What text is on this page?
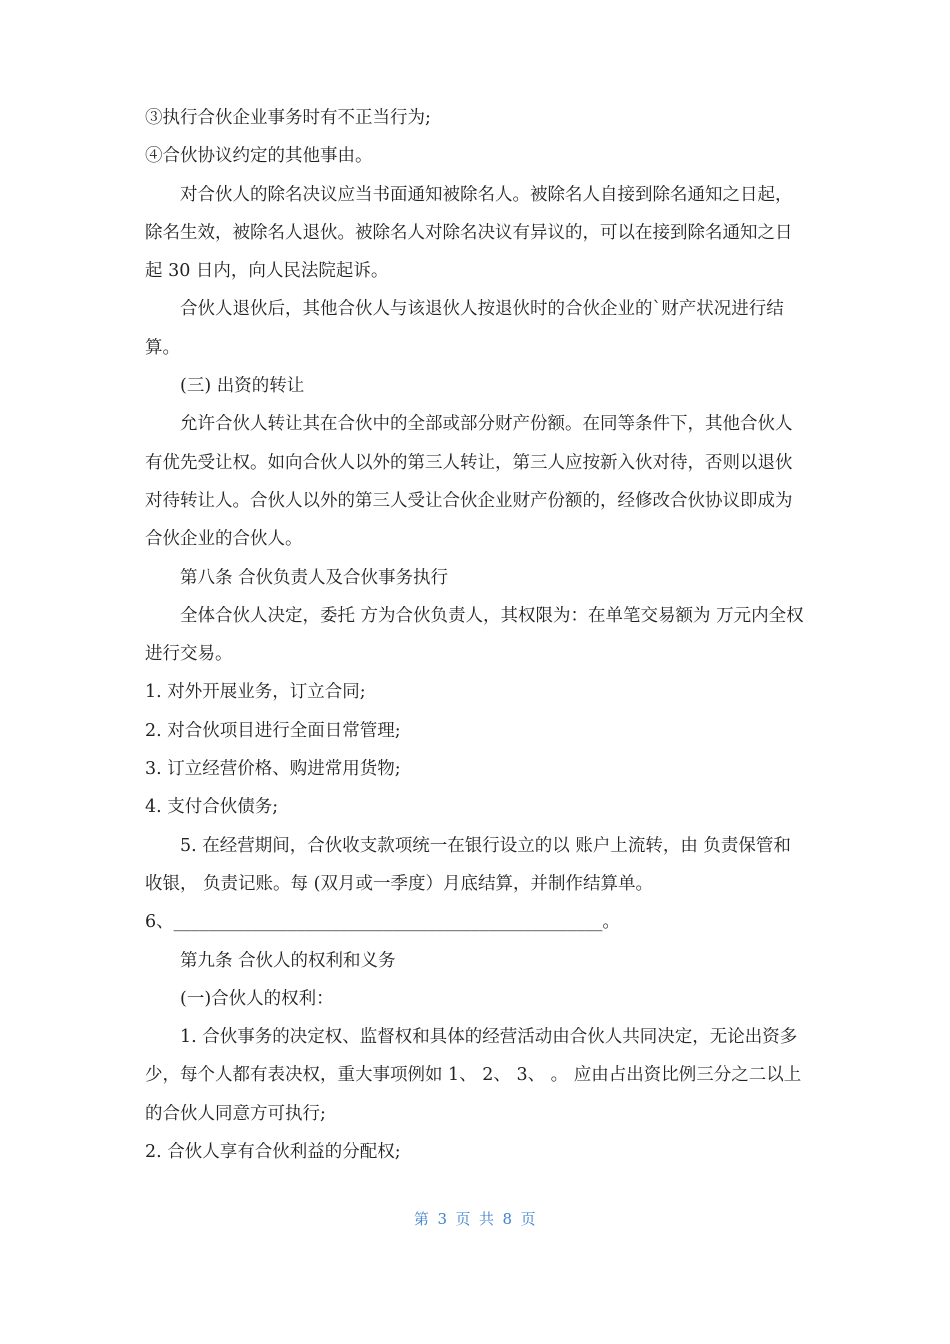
③执行合伙企业事务时有不正当行为;

④合伙协议约定的其他事由。

对合伙人的除名决议应当书面通知被除名人。被除名人自接到除名通知之日起，除名生效，被除名人退伙。被除名人对除名决议有异议的，可以在接到除名通知之日起 30 日内，向人民法院起诉。

合伙人退伙后，其他合伙人与该退伙人按退伙时的合伙企业的`财产状况进行结算。

(三) 出资的转让

允许合伙人转让其在合伙中的全部或部分财产份额。在同等条件下，其他合伙人有优先受让权。如向合伙人以外的第三人转让，第三人应按新入伙对待，否则以退伙对待转让人。合伙人以外的第三人受让合伙企业财产份额的，经修改合伙协议即成为合伙企业的合伙人。

第八条 合伙负责人及合伙事务执行

全体合伙人决定，委托 方为合伙负责人，其权限为：在单笔交易额为 万元内全权进行交易。

1. 对外开展业务，订立合同;

2. 对合伙项目进行全面日常管理;

3. 订立经营价格、购进常用货物;

4. 支付合伙债务;

5. 在经营期间，合伙收支款项统一在银行设立的以 账户上流转，由 负责保管和收银， 负责记账。每 (双月或一季度）月底结算，并制作结算单。

6、_________________________________________________。

第九条 合伙人的权利和义务

(一)合伙人的权利：

1. 合伙事务的决定权、监督权和具体的经营活动由合伙人共同决定，无论出资多少，每个人都有表决权，重大事项例如 1、 2、 3、 。 应由占出资比例三分之二以上的合伙人同意方可执行;

2. 合伙人享有合伙利益的分配权;

第 3 页 共 8 页
